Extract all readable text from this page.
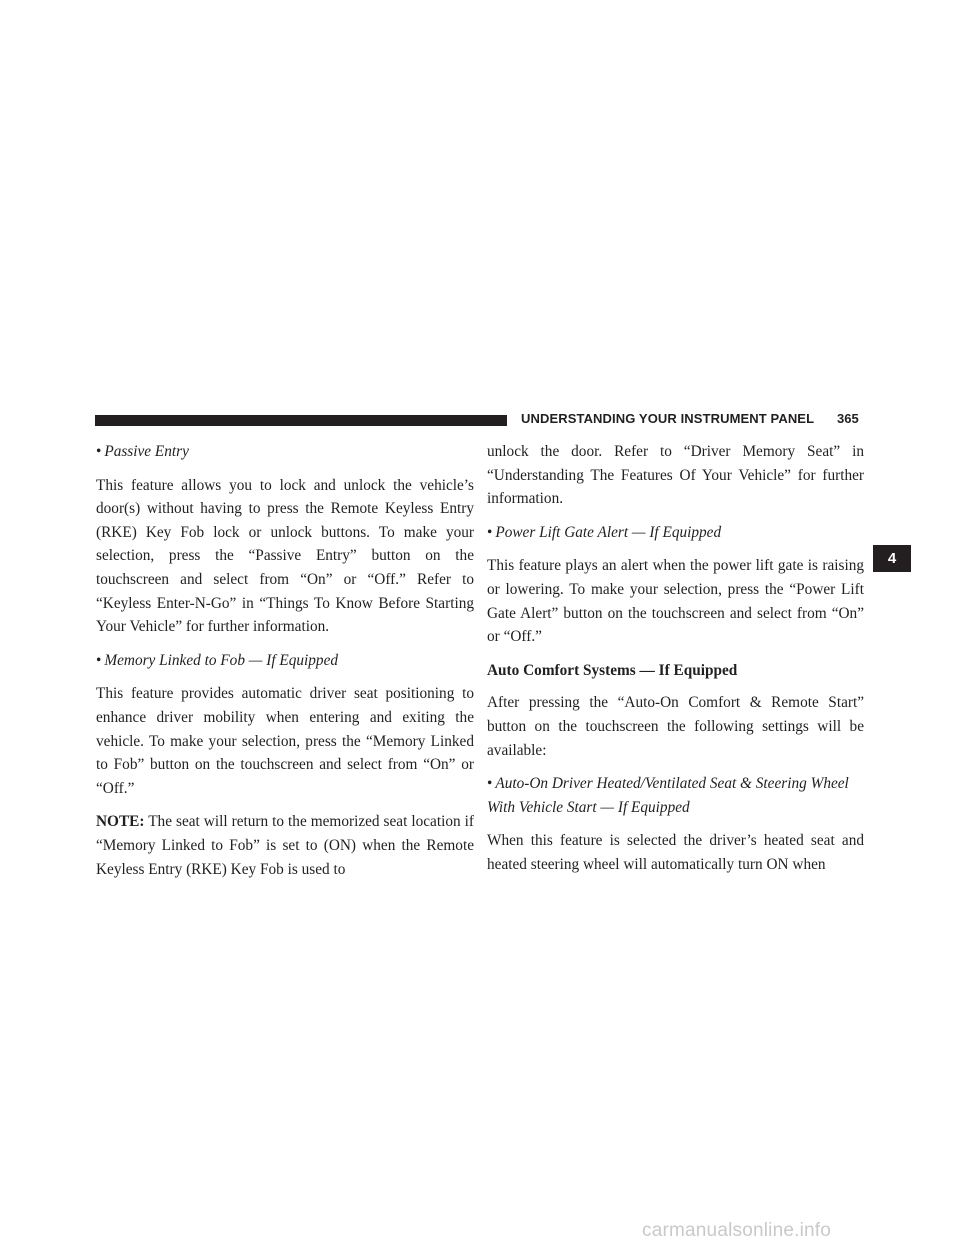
UNDERSTANDING YOUR INSTRUMENT PANEL 365
• Passive Entry

This feature allows you to lock and unlock the vehicle’s door(s) without having to press the Remote Keyless Entry (RKE) Key Fob lock or unlock buttons. To make your selection, press the “Passive Entry” button on the touchscreen and select from “On” or “Off.” Refer to “Keyless Enter-N-Go” in “Things To Know Before Starting Your Vehicle” for further information.

• Memory Linked to Fob — If Equipped

This feature provides automatic driver seat positioning to enhance driver mobility when entering and exiting the vehicle. To make your selection, press the “Memory Linked to Fob” button on the touchscreen and select from “On” or “Off.”

NOTE: The seat will return to the memorized seat location if “Memory Linked to Fob” is set to (ON) when the Remote Keyless Entry (RKE) Key Fob is used to

unlock the door. Refer to “Driver Memory Seat” in “Understanding The Features Of Your Vehicle” for further information.

• Power Lift Gate Alert — If Equipped

This feature plays an alert when the power lift gate is raising or lowering. To make your selection, press the “Power Lift Gate Alert” button on the touchscreen and select from “On” or “Off.”

Auto Comfort Systems — If Equipped

After pressing the “Auto-On Comfort & Remote Start” button on the touchscreen the following settings will be available:

• Auto-On Driver Heated/Ventilated Seat & Steering Wheel With Vehicle Start — If Equipped

When this feature is selected the driver’s heated seat and heated steering wheel will automatically turn ON when

4
carmanualsonline.info
